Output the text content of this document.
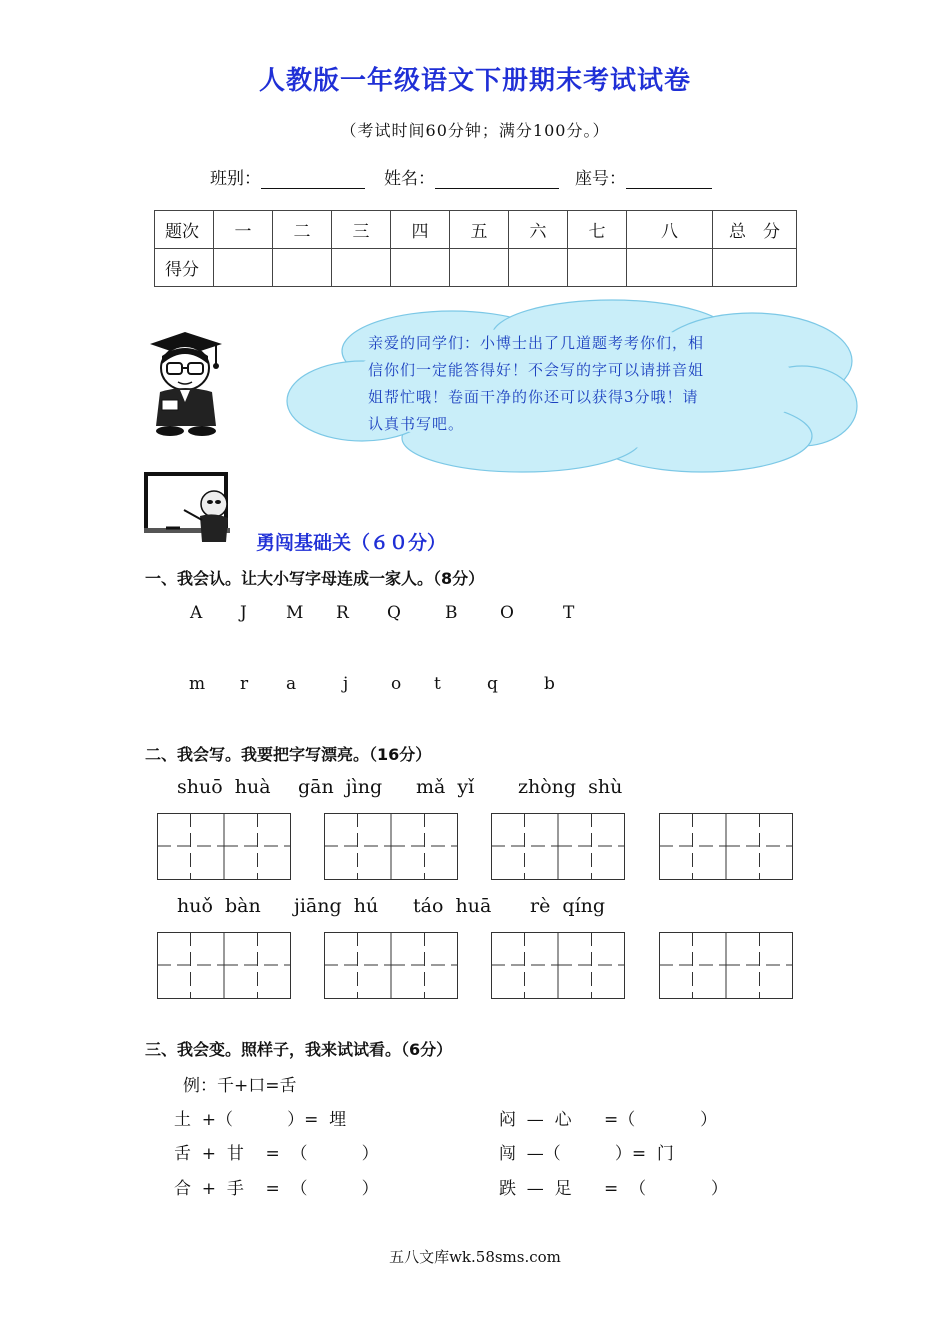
人教版一年级语文下册期末考试试卷
（考试时间60分钟；满分100分。）
班别：	姓名：	座号：
题次	一	二	三	四	五	六	七	八	总　分
得分									
亲爱的同学们：小博士出了几道题考考你们，相
信你们一定能答得好！不会写的字可以请拼音姐
姐帮忙哦！卷面干净的你还可以获得3分哦！请
认真书写吧。
勇闯基础关（６０分）
一、我会认。让大小写字母连成一家人。（8分）
A J M R Q	B	O	T
m r a	j	o t	q	b
二、我会写。我要把字写漂亮。（16分）
shuō  huà gān  jìng mǎ  yǐ zhòng  shù
huǒ  bàn jiāng  hú táo  huā rè  qíng
三、我会变。照样子，我来试试看。（6分）
例：千+口=舌
土  +（          ）=  埋
舌  +  甘    =  （          ）
合  +  手    =  （          ）
闷  —  心      =（            ）
闯  —（          ）=  门
跌  —  足      =  （            ）
五八文库wk.58sms.com
